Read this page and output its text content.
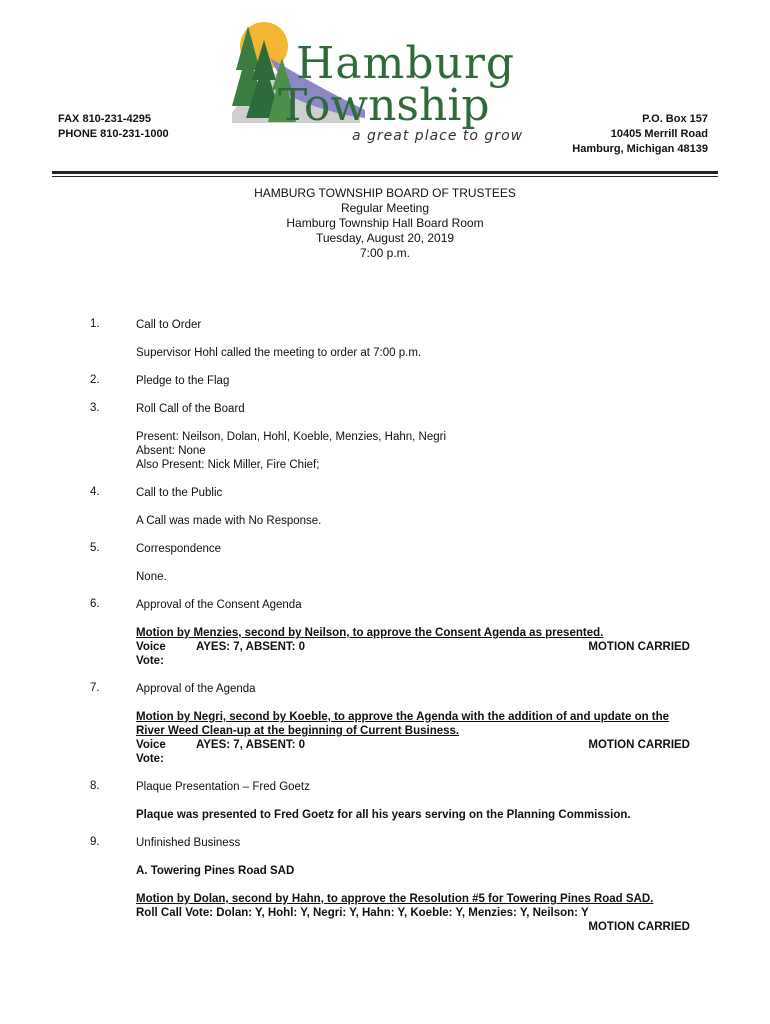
FAX 810-231-4295
PHONE 810-231-1000
Hamburg
Township
a great place to grow
P.O. Box 157
10405 Merrill Road
Hamburg, Michigan 48139
HAMBURG TOWNSHIP BOARD OF TRUSTEES
Regular Meeting
Hamburg Township Hall Board Room
Tuesday, August 20, 2019
7:00 p.m.
1.	Call to Order
Supervisor Hohl called the meeting to order at 7:00 p.m.
2.	Pledge to the Flag
3.	Roll Call of the Board
Present: Neilson, Dolan, Hohl, Koeble, Menzies, Hahn, Negri
Absent: None
Also Present: Nick Miller, Fire Chief;
4.	Call to the Public
A Call was made with No Response.
5.	Correspondence
None.
6.	Approval of the Consent Agenda
Motion by Menzies, second by Neilson, to approve the Consent Agenda as presented.
Voice Vote:
AYES: 7, ABSENT: 0	MOTION CARRIED
7.	Approval of the Agenda
Motion by Negri, second by Koeble, to approve the Agenda with the addition of and update on the
River Weed Clean-up at the beginning of Current Business.
Voice Vote:
AYES: 7, ABSENT: 0	MOTION CARRIED
8.	Plaque Presentation – Fred Goetz
Plaque was presented to Fred Goetz for all his years serving on the Planning Commission.
9.	Unfinished Business
A. Towering Pines Road SAD
Motion by Dolan, second by Hahn, to approve the Resolution #5 for Towering Pines Road SAD.
Roll Call Vote: Dolan: Y, Hohl: Y, Negri: Y, Hahn: Y, Koeble: Y, Menzies: Y, Neilson: Y
MOTION CARRIED
